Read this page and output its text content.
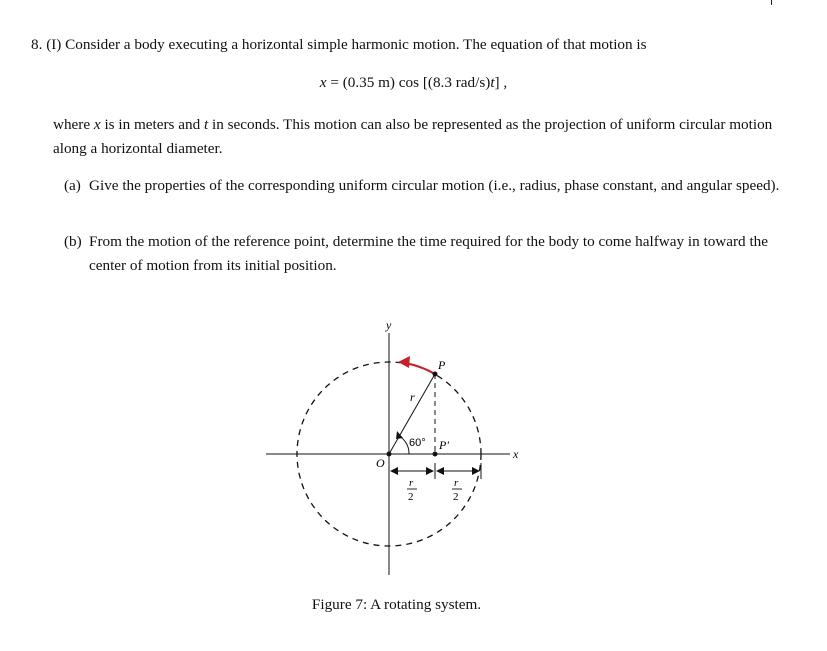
8. (I) Consider a body executing a horizontal simple harmonic motion. The equation of that motion is
x = (0.35 m) cos [(8.3 rad/s)t] ,
where x is in meters and t in seconds. This motion can also be represented as the projection of uniform circular motion along a horizontal diameter.
(a) Give the properties of the corresponding uniform circular motion (i.e., radius, phase constant, and angular speed).
(b) From the motion of the reference point, determine the time required for the body to come halfway in toward the center of motion from its initial position.
y
x
O
P
P'
r
60°
r
2
r
2
Figure 7: A rotating system.
